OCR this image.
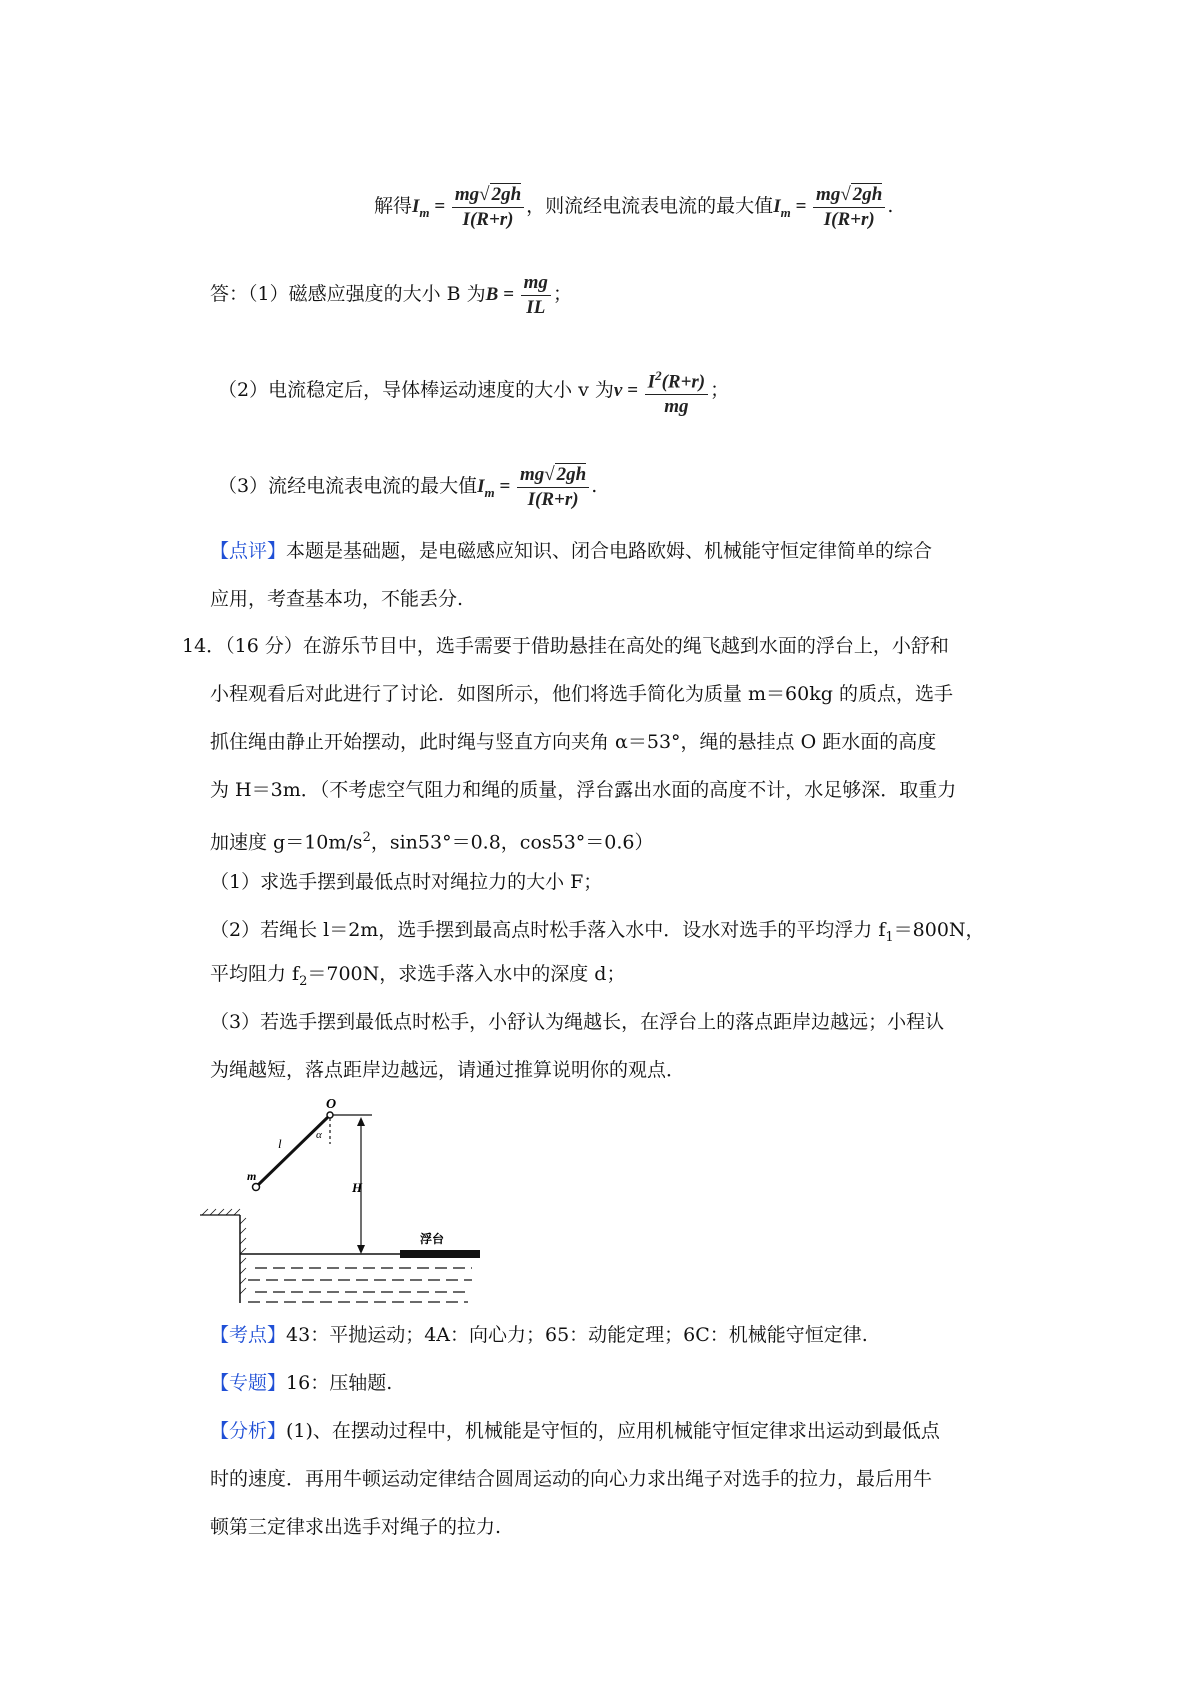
解得$I_m = \frac{mg√ 2gh}{I(R+r)}$ ，则流经电流表电流的最大值$I_m = \frac{mg√ 2gh}{I(R+r)}$ .
答：（1）磁感应强度的大小 B 为$B = \frac{mg}{IL}$ ；
（2）电流稳定后，导体棒运动速度的大小 v 为$v = \frac{I^2(R+r)}{mg}$ ；
（3）流经电流表电流的最大值$I_m = \frac{mg√ 2gh}{I(R+r)}$ .
【点评】本题是基础题，是电磁感应知识、闭合电路欧姆、机械能守恒定律简单的综合
应用，考查基本功，不能丢分.
14．（16 分）在游乐节目中，选手需要于借助悬挂在高处的绳飞越到水面的浮台上，小舒和
小程观看后对此进行了讨论．如图所示，他们将选手简化为质量 m＝60kg 的质点，选手
抓住绳由静止开始摆动，此时绳与竖直方向夹角 α＝53°，绳的悬挂点 O 距水面的高度
为 H＝3m．（不考虑空气阻力和绳的质量，浮台露出水面的高度不计，水足够深．取重力
加速度 $g=10m/s^2$，sin53°＝0.8，cos53°＝0.6）
（1）求选手摆到最低点时对绳拉力的大小 F；
（2）若绳长 l＝2m，选手摆到最高点时松手落入水中．设水对选手的平均浮力 $f_1=800N$，
平均阻力 $f_2=700N$，求选手落入水中的深度 d；
（3）若选手摆到最低点时松手，小舒认为绳越长，在浮台上的落点距岸边越远；小程认
为绳越短，落点距岸边越远，请通过推算说明你的观点．
O
l
α
m
H
浮台
【考点】43：平抛运动；4A：向心力；65：动能定理；6C：机械能守恒定律.
【专题】16：压轴题.
【分析】(1)、在摆动过程中，机械能是守恒的，应用机械能守恒定律求出运动到最低点
时的速度．再用牛顿运动定律结合圆周运动的向心力求出绳子对选手的拉力，最后用牛
顿第三定律求出选手对绳子的拉力.
